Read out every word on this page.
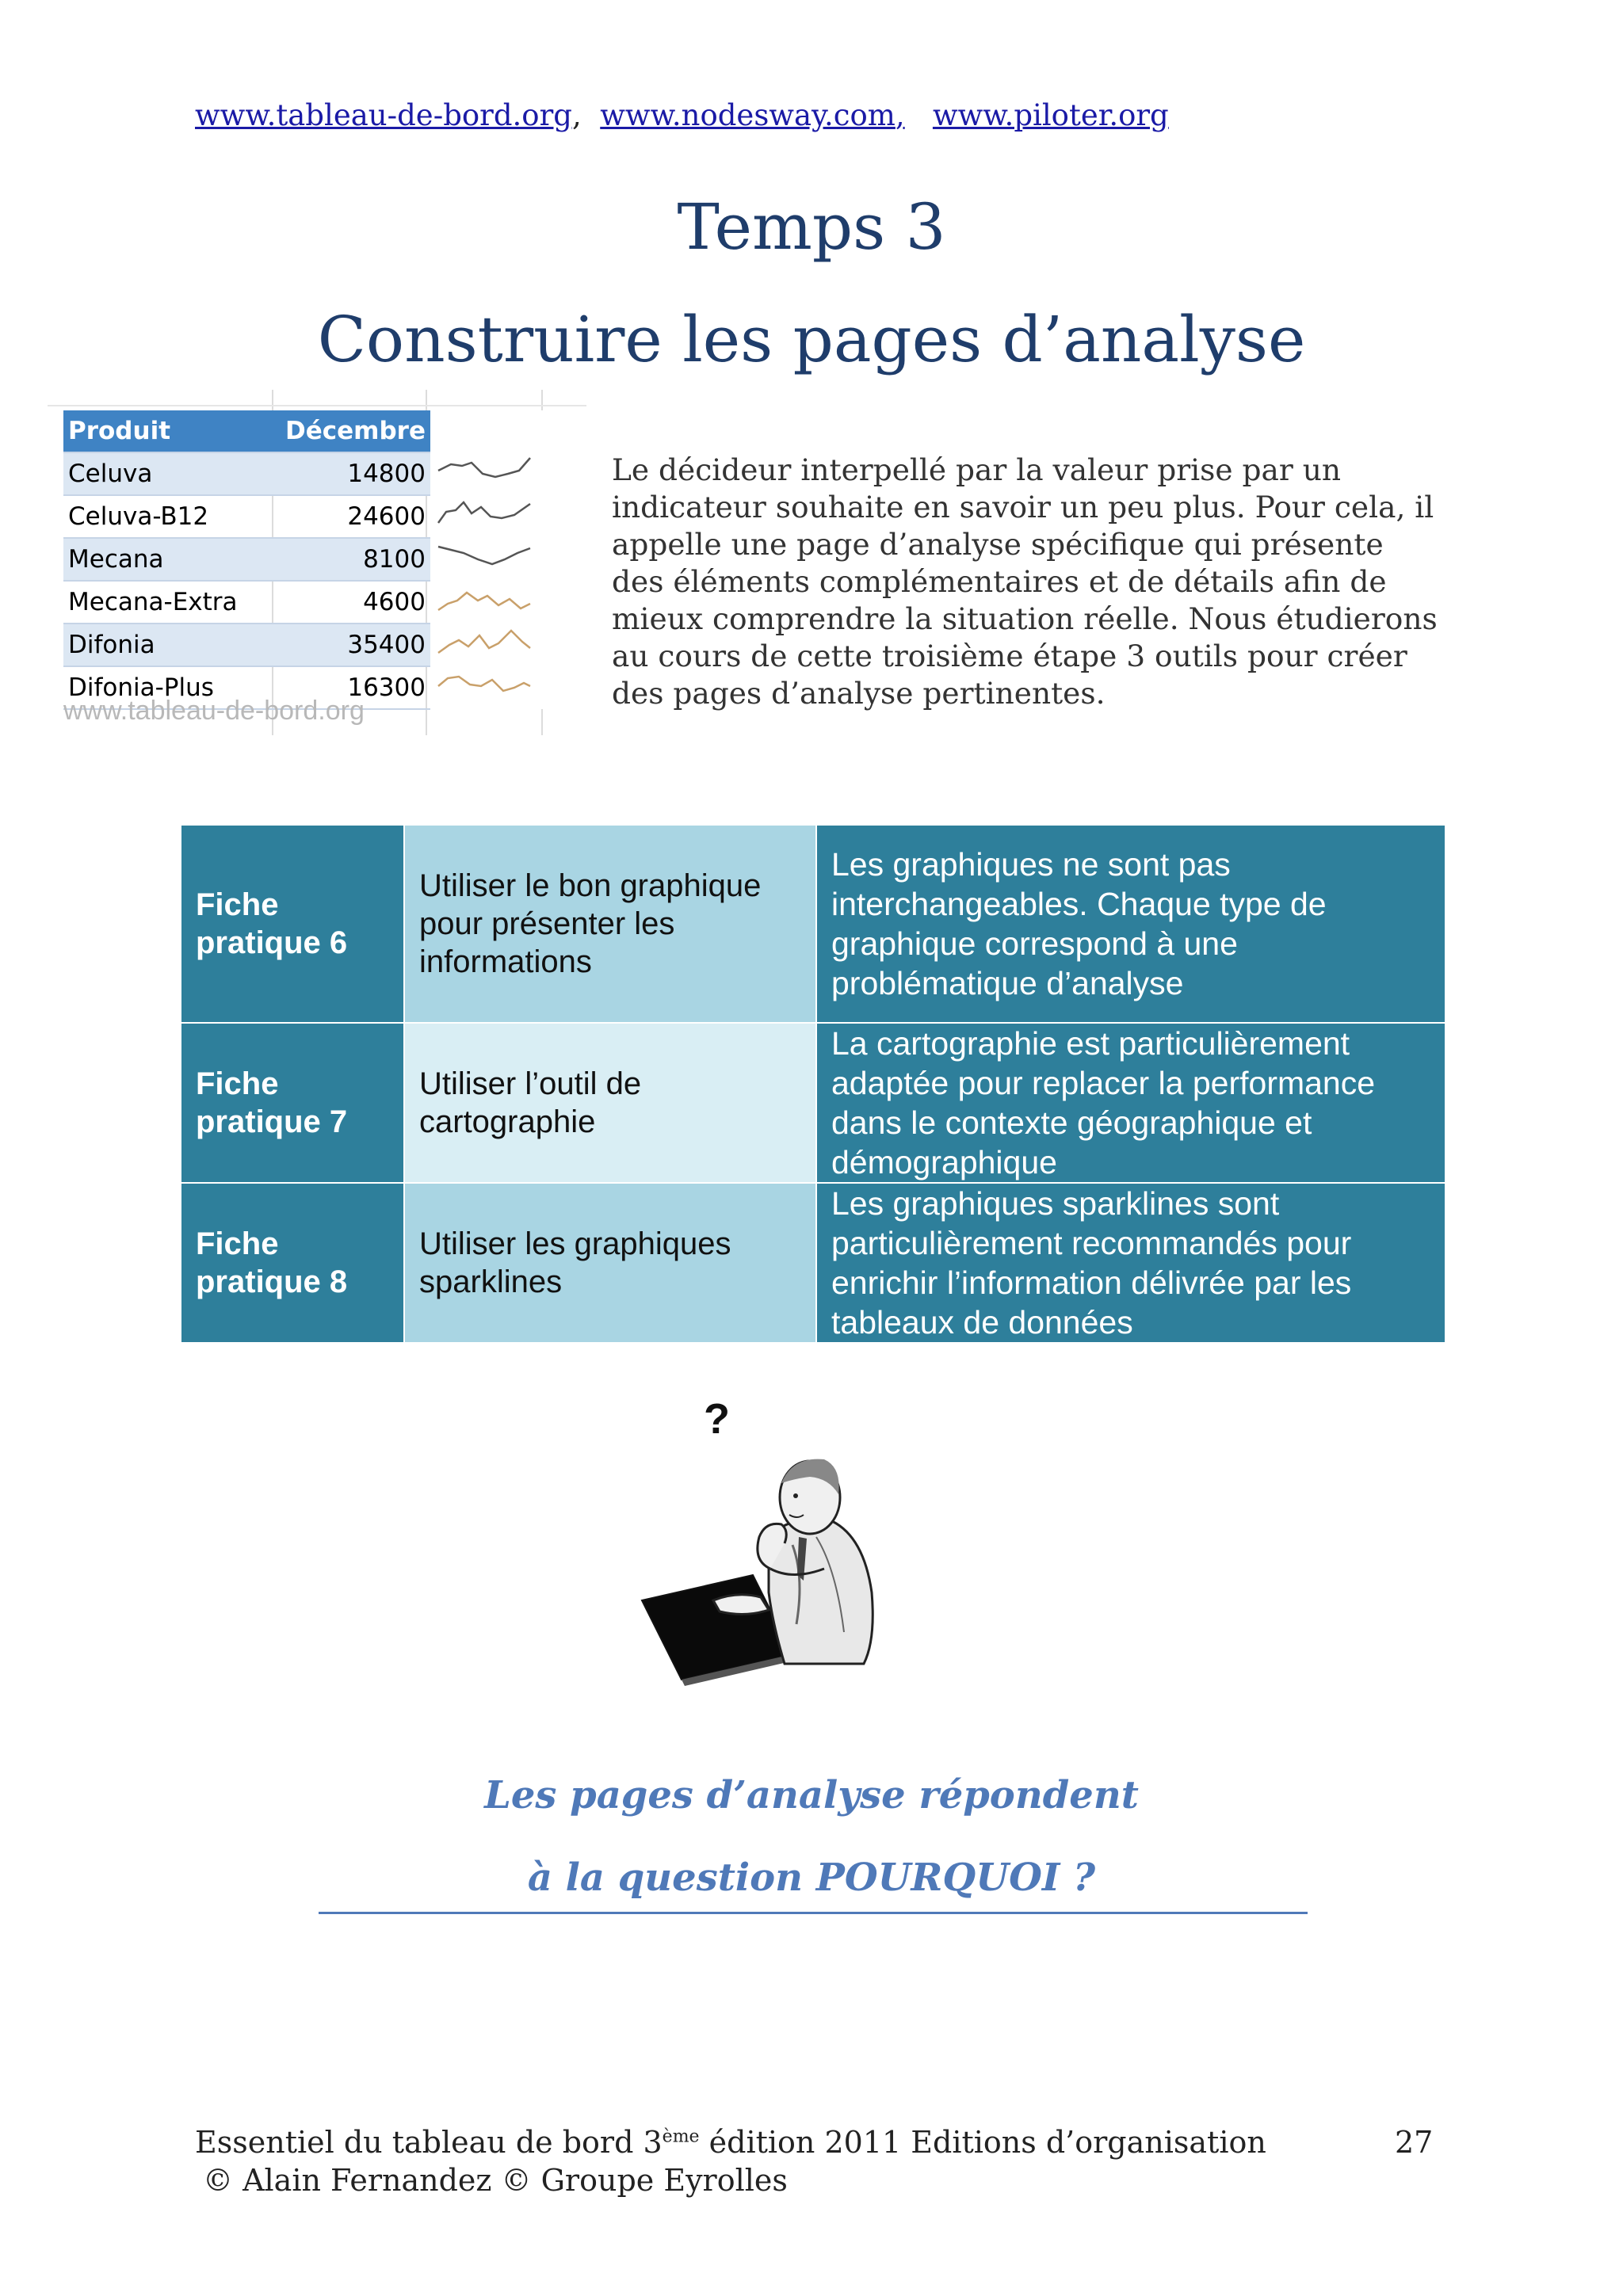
www.tableau-de-bord.org, www.nodesway.com, www.piloter.org
Temps 3
Construire les pages d’analyse
Produit	Décembre	
Celuva	14800	
Celuva-B12	24600	
Mecana	8100	
Mecana-Extra	4600	
Difonia	35400	
Difonia-Plus	16300	
www.tableau-de-bord.org
Le décideur interpellé par la valeur prise par un indicateur souhaite en savoir un peu plus. Pour cela, il appelle une page d’analyse spécifique qui présente des éléments complémentaires et de détails afin de mieux comprendre la situation réelle. Nous étudierons au cours de cette troisième étape 3 outils pour créer des pages d’analyse pertinentes.
Fiche pratique 6	Utiliser le bon graphique pour présenter les informations	Les graphiques ne sont pas interchangeables. Chaque type de graphique correspond à une problématique d’analyse
Fiche pratique 7	Utiliser l’outil de cartographie	La cartographie est particulièrement adaptée pour replacer la performance dans le contexte géographique et démographique
Fiche pratique 8	Utiliser les graphiques sparklines	Les graphiques sparklines sont particulièrement recommandés pour enrichir l’information délivrée par les tableaux de données
?
Les pages d’analyse répondent
à la question POURQUOI ?
Essentiel du tableau de bord 3ème édition 2011 Editions d’organisation
© Alain Fernandez © Groupe Eyrolles
27
